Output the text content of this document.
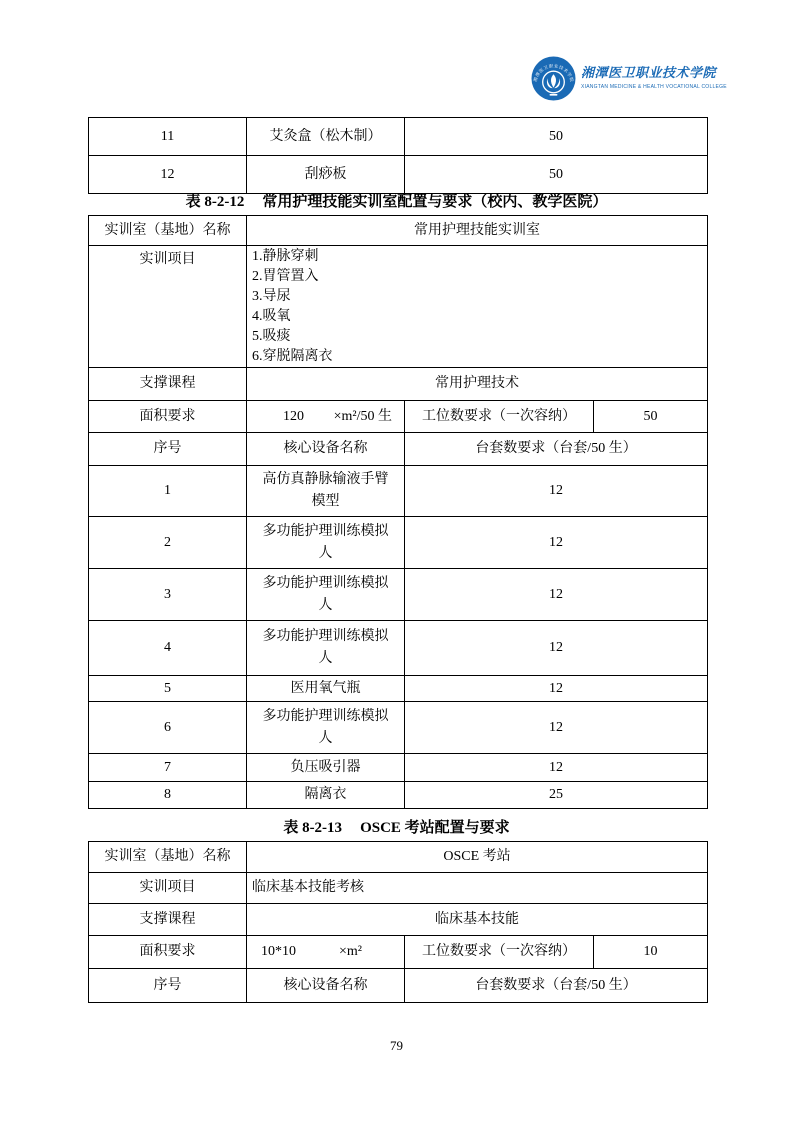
湘潭医卫职业技术学院 湘潭医卫职业技术学院
XIANGTAN MEDICINE & HEALTH VOCATIONAL COLLEGE
11	艾灸盒（松木制）	50
12	刮痧板	50
表 8-2-12 常用护理技能实训室配置与要求（校内、教学医院）
实训室（基地）名称	常用护理技能实训室		
实训项目	1.静脉穿刺
2.胃管置入
3.导尿
4.吸氧
5.吸痰
6.穿脱隔离衣

支撑课程	常用护理技术		
面积要求	120 ×m²/50 生	工位数要求（一次容纳）	50
序号	核心设备名称	台套数要求（台套/50 生）	
1	高仿真静脉输液手臂模型	12	
2	多功能护理训练模拟人	12	
3	多功能护理训练模拟人	12	
4	多功能护理训练模拟人	12	
5	医用氧气瓶	12	
6	多功能护理训练模拟人	12	
7	负压吸引器	12	
8	隔离衣	25	
表 8-2-13 OSCE 考站配置与要求
实训室（基地）名称	OSCE 考站		
实训项目	临床基本技能考核		
支撑课程	临床基本技能		
面积要求	10*10 ×m²	工位数要求（一次容纳）	10
序号	核心设备名称	台套数要求（台套/50 生）	
79
